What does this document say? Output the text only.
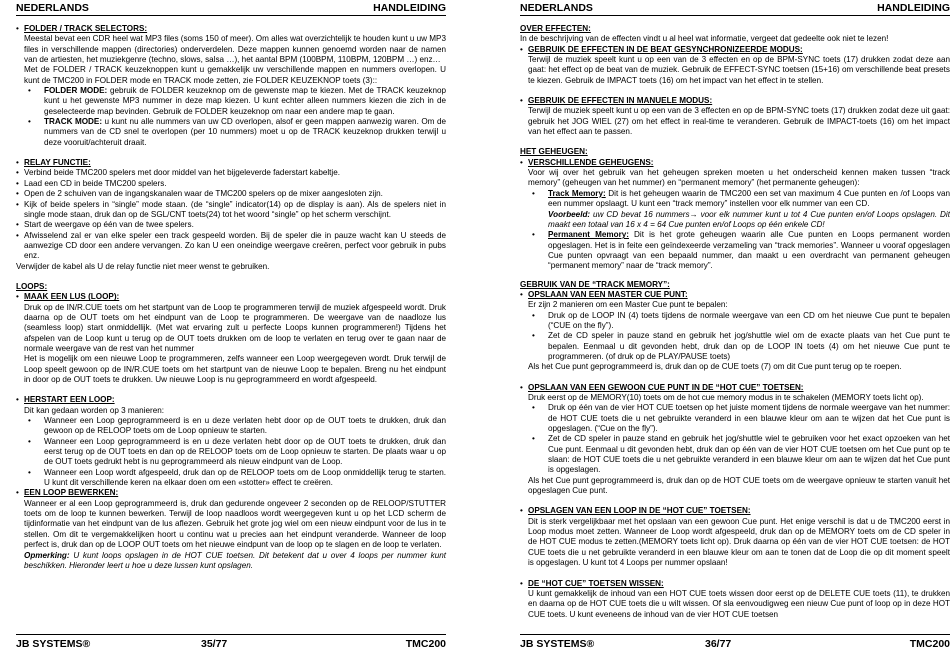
NEDERLANDS	HANDLEIDING
• FOLDER / TRACK SELECTORS:

Meestal bevat een CDR heel wat MP3 files (soms 150 of meer). Om alles wat overzichtelijk te houden kunt u uw MP3 files in verschillende mappen (directories) onderverdelen. Deze mappen kunnen genoemd worden naar de namen van de artiesten, het muziekgenre (techno, slows, salsa …), het aantal BPM (100BPM, 110BPM, 120BPM …) enz…

Met de FOLDER / TRACK keuzeknoppen kunt u gemakkelijk uw verschillende mappen en nummers overlopen. U kunt de TMC200 in FOLDER mode en TRACK mode zetten, zie FOLDER KEUZEKNOP toets (3)::

• FOLDER MODE: gebruik de FOLDER keuzeknop om de gewenste map te kiezen. Met de TRACK keuzeknop kunt u het gewenste MP3 nummer in deze map kiezen. U kunt echter alleen nummers kiezen die zich in de geselecteerde map bevinden. Gebruik de FOLDER keuzeknop om naar een andere map te gaan.
• TRACK MODE: u kunt nu alle nummers van uw CD overlopen, alsof er geen mappen aanwezig waren. Om de nummers van de CD snel te overlopen (per 10 nummers) moet u op de TRACK keuzeknop drukken terwijl u deze vooruit/achteruit draait.
• RELAY FUNCTIE:
• Verbind beide TMC200 spelers met door middel van het bijgeleverde faderstart kabeltje.
• Laad een CD in beide TMC200 spelers.
• Open de 2 schuiven van de ingangskanalen waar de TMC200 spelers op de mixer aangesloten zijn.
• Kijk of beide spelers in “single” mode staan. (de “single” indicator(14) op de display is aan). Als de spelers niet in single mode staan, druk dan op de SGL/CNT toets(24) tot het woord “single” op het scherm verschijnt.
• Start de weergave op één van de twee spelers.
• Afwisselend zal er van elke speler een track gespeeld worden. Bij de speler die in pauze wacht kan U steeds de aanwezige CD door een andere vervangen. Zo kan U een oneindige weergave creëren, perfect voor gebruik in pubs enz.

Verwijder de kabel als U de relay functie niet meer wenst te gebruiken.

LOOPS:

• MAAK EEN LUS (LOOP):

Druk op de IN/R.CUE toets om het startpunt van de Loop te programmeren terwijl de muziek afgespeeld wordt. Druk daarna op de OUT toets om het eindpunt van de Loop te programmeren. De weergave van de naadloze lus (seamless loop) start onmiddellijk. (Met wat ervaring zult u perfecte Loops kunnen programmeren!) Tijdens het afspelen van de Loop kunt u terug op de OUT toets drukken om de loop te verlaten en terug over te gaan naar de normale weergave van de rest van het nummer

Het is mogelijk om een nieuwe Loop te programmeren, zelfs wanneer een Loop weergegeven wordt. Druk terwijl de Loop speelt gewoon op de IN/R.CUE toets om het startpunt van de nieuwe Loop te bepalen. Breng nu het eindpunt in door op de OUT toets te drukken. Uw nieuwe Loop is nu geprogrammeerd en wordt afgespeeld.

• HERSTART EEN LOOP:

Dit kan gedaan worden op 3 manieren:

• Wanneer een Loop geprogrammeerd is en u deze verlaten hebt door op de OUT toets te drukken, druk dan gewoon op de RELOOP toets om de Loop opnieuw te starten.
• Wanneer een Loop geprogrammeerd is en u deze verlaten hebt door op de OUT toets te drukken, druk dan eerst terug op de OUT toets en dan op de RELOOP toets om de Loop opnieuw te starten. De plaats waar u op de OUT toets gedrukt hebt is nu geprogrammeerd als nieuw eindpunt van de Loop.
• Wanneer een Loop wordt afgespeeld, druk dan op de RELOOP toets om de Loop onmiddellijk terug te starten. U kunt dit verschillende keren na elkaar doen om een «stotter» effect te creëren.
• EEN LOOP BEWERKEN:

Wanneer er al een Loop geprogrammeerd is, druk dan gedurende ongeveer 2 seconden op de RELOOP/STUTTER toets om de loop te kunnen bewerken. Terwijl de loop naadloos wordt weergegeven kunt u op het LCD scherm de tijdinformatie van het eindpunt van de lus aflezen. Gebruik het grote jog wiel om een nieuw eindpunt voor de lus in te stellen. Om dit te vergemakkelijken hoort u continu wat u precies aan het eindpunt veranderde. Wanneer de loop perfect is, druk dan op de LOOP OUT toets om het nieuwe eindpunt van de loop op te slagen en de loop te verlaten.

Opmerking: U kunt loops opslagen in de HOT CUE toetsen. Dit betekent dat u over 4 loops per nummer kunt beschikken. Hieronder leert u hoe u deze lussen kunt opslagen.

JB SYSTEMS®	35/77	TMC200
NEDERLANDS	HANDLEIDING

OVER EFFECTEN:

In de beschrijving van de effecten vindt u al heel wat informatie, vergeet dat gedeelte ook niet te lezen!

• GEBRUIK DE EFFECTEN IN DE BEAT GESYNCHRONIZEERDE MODUS:

Terwijl de muziek speelt kunt u op een van de 3 effecten en op de BPM-SYNC toets (17) drukken zodat deze aan gaat: het effect op de beat van de muziek. Gebruik de EFFECT-SYNC toetsen (15+16) om verschillende beat presets te kiezen. Gebruik de IMPACT toets (16) om het impact van het effect in te stellen.

• GEBRUIK DE EFFECTEN IN MANUELE MODUS:

Terwijl de muziek speelt kunt u op een van de 3 effecten en op de BPM-SYNC toets (17) drukken zodat deze uit gaat: gebruik het JOG WIEL (27) om het effect in real-time te veranderen. Gebruik de IMPACT-toets (16) om het impact van het effect aan te passen.

HET GEHEUGEN:

• VERSCHILLENDE GEHEUGENS:

Voor wij over het gebruik van het geheugen spreken moeten u het onderscheid kennen maken tussen “track memory” (geheugen van het nummer) en “permanent memory” (het permanente geheugen):

• Track Memory: Dit is het geheugen waarin de TMC200 een set van maximum 4 Cue punten en /of Loops van een nummer opslaagt. U kunt een “track memory” instellen voor elk nummer van een CD.
Voorbeeld: uw CD bevat 16 nummers→ voor elk nummer kunt u tot 4 Cue punten en/of Loops opslagen. Dit maakt een totaal van 16 x 4 = 64 Cue punten en/of Loops op één enkele CD!
• Permanent Memory: Dit is het grote geheugen waarin alle Cue punten en Loops permanent worden opgeslagen. Het is in feite een geïndexeerde verzameling van “track memories”. Wanneer u vooraf opgeslagen Cue punten opvraagt van een bepaald nummer, dan maakt u een overdracht van permanent geheugen “permanent memory” naar de “track memory”.

GEBRUIK VAN DE “TRACK MEMORY”:

• OPSLAAN VAN EEN MASTER CUE PUNT:

Er zijn 2 manieren om een Master Cue punt te bepalen:

• Druk op de LOOP IN (4) toets tijdens de normale weergave van een CD om het nieuwe Cue punt te bepalen (“CUE on the fly”).
• Zet de CD speler in pauze stand en gebruik het jog/shuttle wiel om de exacte plaats van het Cue punt te bepalen. Eenmaal u dit gevonden hebt, druk dan op de LOOP IN toets (4) om het nieuwe Cue punt te programmeren. (of druk op de PLAY/PAUSE toets)

Als het Cue punt geprogrammeerd is, druk dan op de CUE toets (7) om dit Cue punt terug op te roepen.

• OPSLAAN VAN EEN GEWOON CUE PUNT IN DE “HOT CUE” TOETSEN:

Druk eerst op de MEMORY(10) toets om de hot cue memory modus in te schakelen (MEMORY toets licht op).

• Druk op één van de vier HOT CUE toetsen op het juiste moment tijdens de normale weergave van het nummer: de HOT CUE toets die u net gebruikte veranderd in een blauwe kleur om aan te wijzen dat het Cue punt is opgeslagen. (“Cue on the fly”).
• Zet de CD speler in pauze stand en gebruik het jog/shuttle wiel te gebruiken voor het exact opzoeken van het Cue punt. Eenmaal u dit gevonden hebt, druk dan op één van de vier HOT CUE toetsen om het Cue punt op te slaan: de HOT CUE toets die u net gebruikte veranderd in een blauwe kleur om aan te wijzen dat het Cue punt is opgeslagen.

Als het Cue punt geprogrammeerd is, druk dan op de HOT CUE toets om de weergave opnieuw te starten vanuit het opgeslagen Cue punt.

• OPSLAGEN VAN EEN LOOP IN DE “HOT CUE” TOETSEN:

Dit is sterk vergelijkbaar met het opslaan van een gewoon Cue punt. Het enige verschil is dat u de TMC200 eerst in Loop modus moet zetten. Wanneer de Loop wordt afgespeeld, druk dan op de MEMORY toets om de CD speler in de HOT CUE modus te zetten.(MEMORY toets licht op). Druk daarna op één van de vier HOT CUE toetsen: de HOT CUE toets die u net gebruikte veranderd in een blauwe kleur om aan te tonen dat de Loop die op dit moment speelt is opgeslagen. U kunt tot 4 Loops per nummer opslaan!

• DE “HOT CUE” TOETSEN WISSEN:

U kunt gemakkelijk de inhoud van een HOT CUE toets wissen door eerst op de DELETE CUE toets (11), te drukken en daarna op de HOT CUE toets die u wilt wissen. Of sla eenvoudigweg een nieuw Cue punt of loop op in deze HOT CUE toets. U kunt eveneens de inhoud van de vier HOT CUE toetsen

JB SYSTEMS®	36/77	TMC200
